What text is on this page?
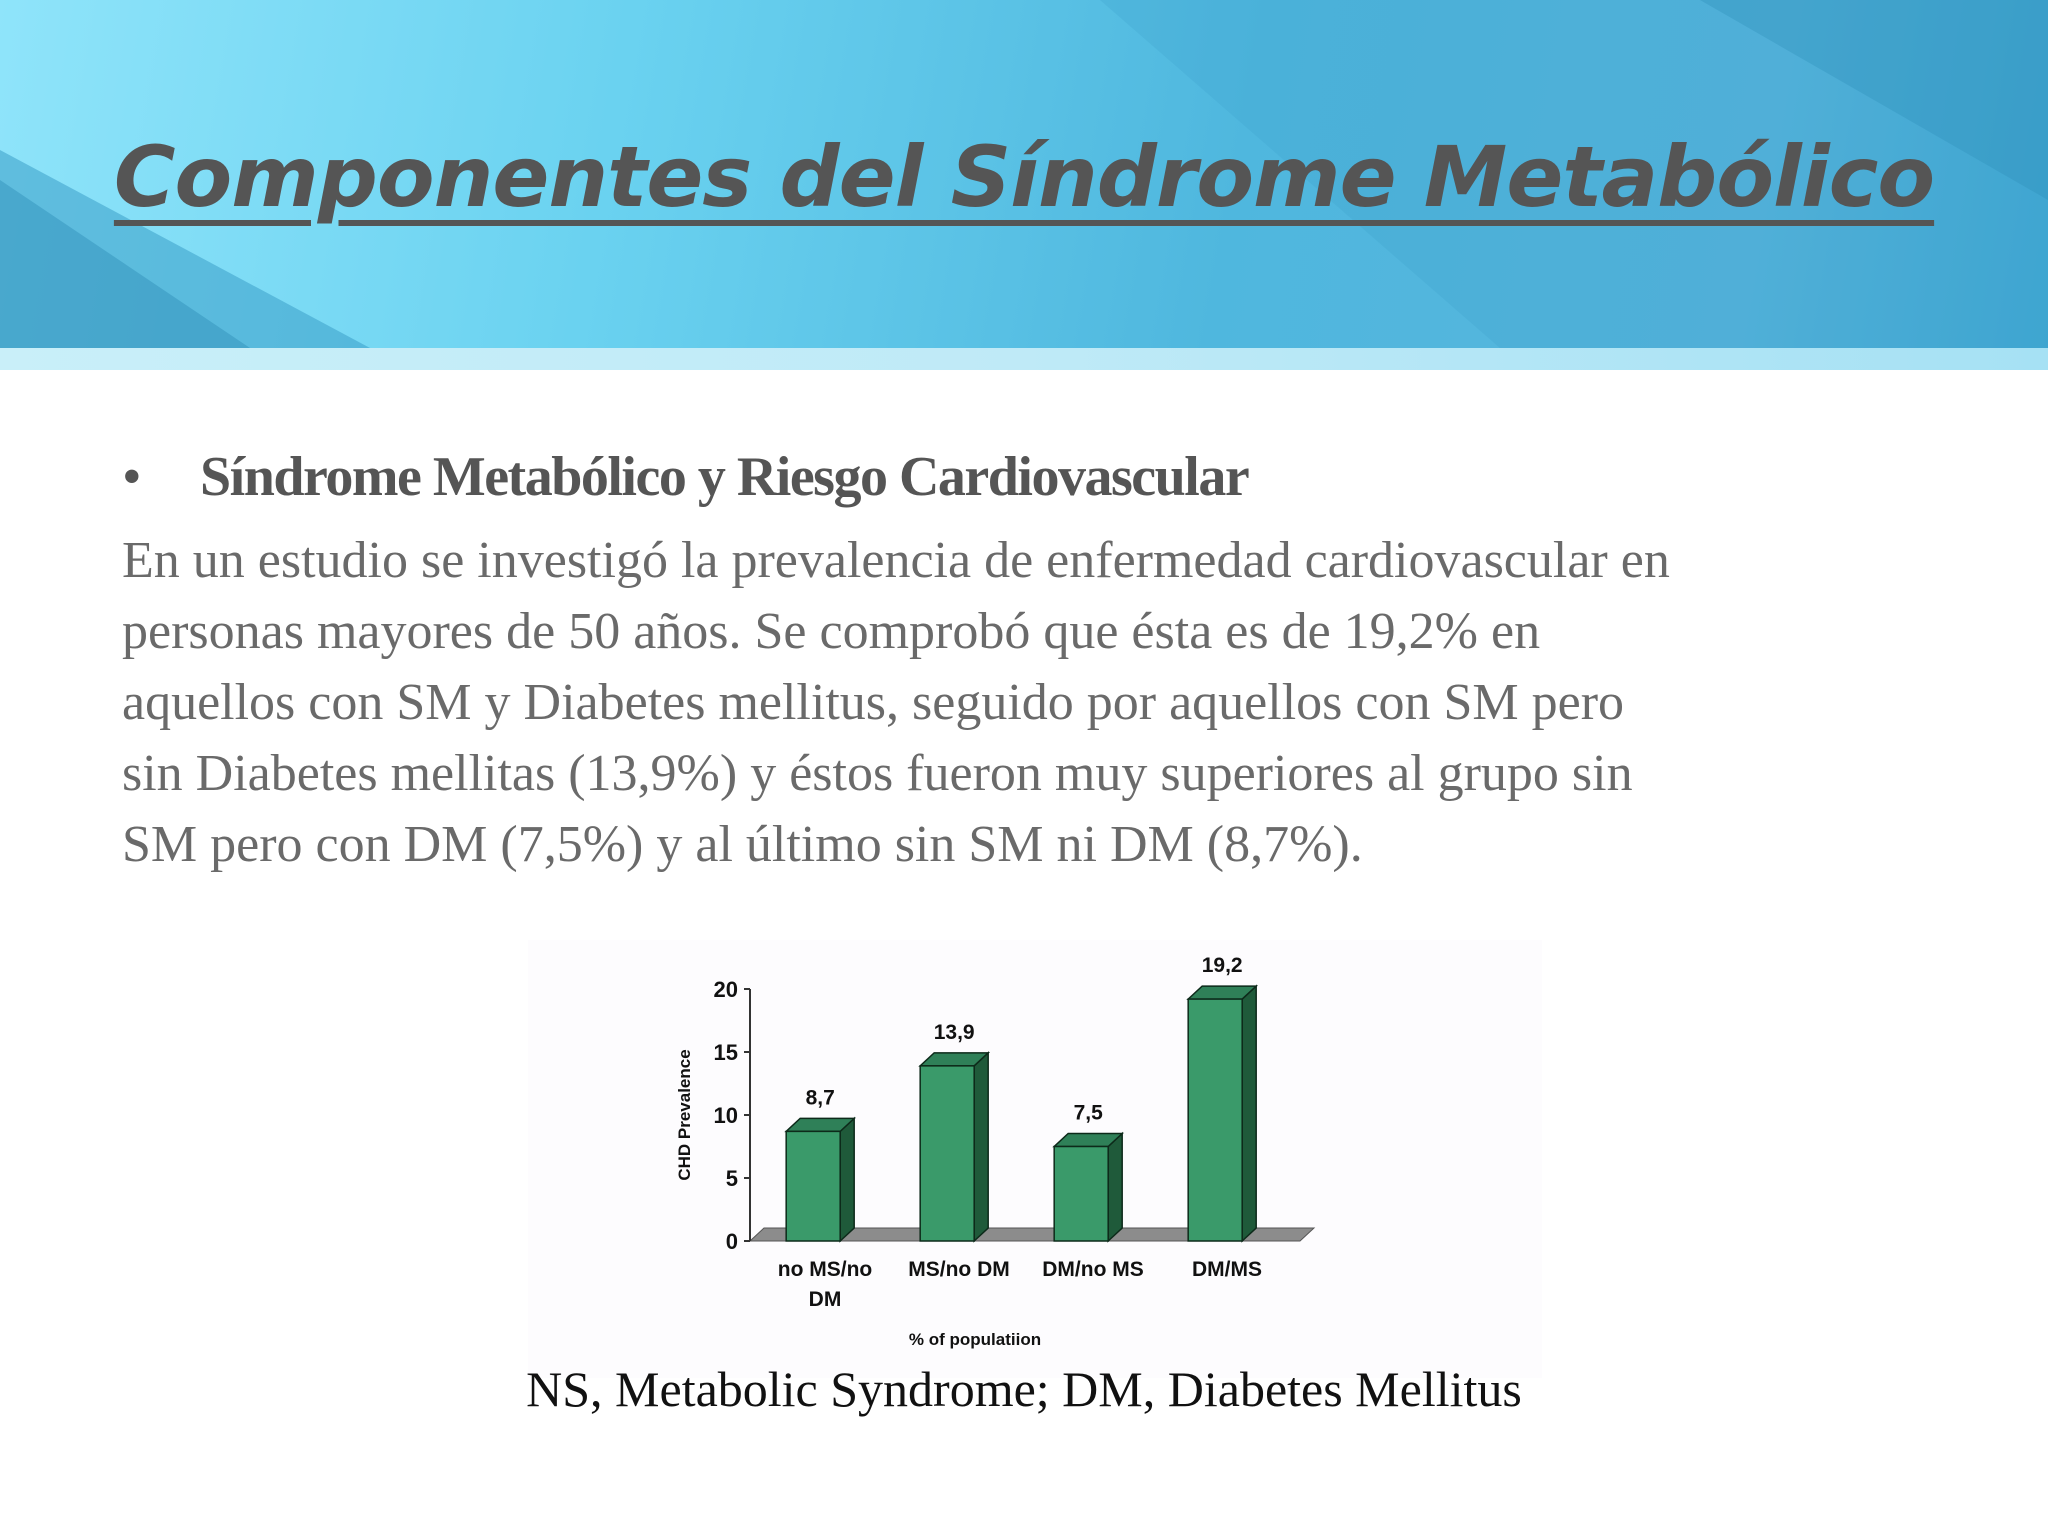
Componentes del Síndrome Metabólico
• Síndrome Metabólico y Riesgo Cardiovascular
En un estudio se investigó la prevalencia de enfermedad cardiovascular en
personas mayores de 50 años. Se comprobó que ésta es de 19,2% en
aquellos con SM y Diabetes mellitus, seguido por aquellos con SM pero
sin Diabetes mellitas (13,9%) y éstos fueron muy superiores al grupo sin
SM pero con DM (7,5%) y al último sin SM ni DM (8,7%).
0
5
10
15
20
CHD Prevalence	8,7
no MS/no
DM
13,9
MS/no DM
7,5
DM/no MS
19,2
DM/MS
% of populatiion
NS, Metabolic Syndrome; DM, Diabetes Mellitus
